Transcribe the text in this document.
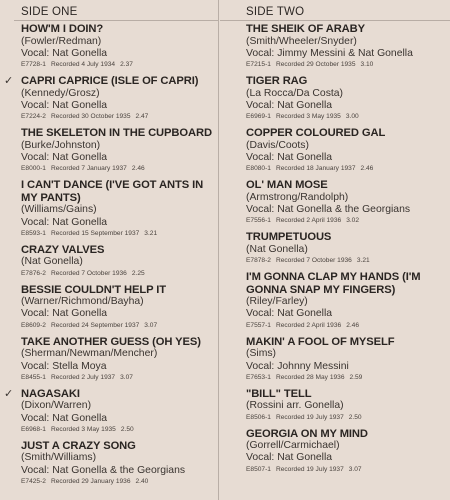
SIDE ONE
HOW'M I DOIN?
(Fowler/Redman)
Vocal: Nat Gonella
E7728-1 Recorded 4 July 1934 2.37
✓ CAPRI CAPRICE (ISLE OF CAPRI)
(Kennedy/Grosz)
Vocal: Nat Gonella
E7224-2 Recorded 30 October 1935 2.47
THE SKELETON IN THE CUPBOARD
(Burke/Johnston)
Vocal: Nat Gonella
E8000-1 Recorded 7 January 1937 2.46
I CAN'T DANCE (I'VE GOT ANTS IN MY PANTS)
(Williams/Gains)
Vocal: Nat Gonella
E8593-1 Recorded 15 September 1937 3.21
CRAZY VALVES
(Nat Gonella)
E7876-2 Recorded 7 October 1936 2.25
BESSIE COULDN'T HELP IT
(Warner/Richmond/Bayha)
Vocal: Nat Gonella
E8609-2 Recorded 24 September 1937 3.07
TAKE ANOTHER GUESS (OH YES)
(Sherman/Newman/Mencher)
Vocal: Stella Moya
E8455-1 Recorded 2 July 1937 3.07
✓ NAGASAKI
(Dixon/Warren)
Vocal: Nat Gonella
E6968-1 Recorded 3 May 1935 2.50
JUST A CRAZY SONG
(Smith/Williams)
Vocal: Nat Gonella & the Georgians
E7425-2 Recorded 29 January 1936 2.40
SIDE TWO
THE SHEIK OF ARABY
(Smith/Wheeler/Snyder)
Vocal: Jimmy Messini & Nat Gonella
E7215-1 Recorded 29 October 1935 3.10
TIGER RAG
(La Rocca/Da Costa)
Vocal: Nat Gonella
E6969-1 Recorded 3 May 1935 3.00
COPPER COLOURED GAL
(Davis/Coots)
Vocal: Nat Gonella
E8080-1 Recorded 18 January 1937 2.46
OL' MAN MOSE
(Armstrong/Randolph)
Vocal: Nat Gonella & the Georgians
E7556-1 Recorded 2 April 1936 3.02
TRUMPETUOUS
(Nat Gonella)
E7878-2 Recorded 7 October 1936 3.21
I'M GONNA CLAP MY HANDS (I'M GONNA SNAP MY FINGERS)
(Riley/Farley)
Vocal: Nat Gonella
E7557-1 Recorded 2 April 1936 2.46
MAKIN' A FOOL OF MYSELF
(Sims)
Vocal: Johnny Messini
E7653-1 Recorded 28 May 1936 2.59
"BILL" TELL
(Rossini arr. Gonella)
E8506-1 Recorded 19 July 1937 2.50
GEORGIA ON MY MIND
(Gorrell/Carmichael)
Vocal: Nat Gonella
E8507-1 Recorded 19 July 1937 3.07
